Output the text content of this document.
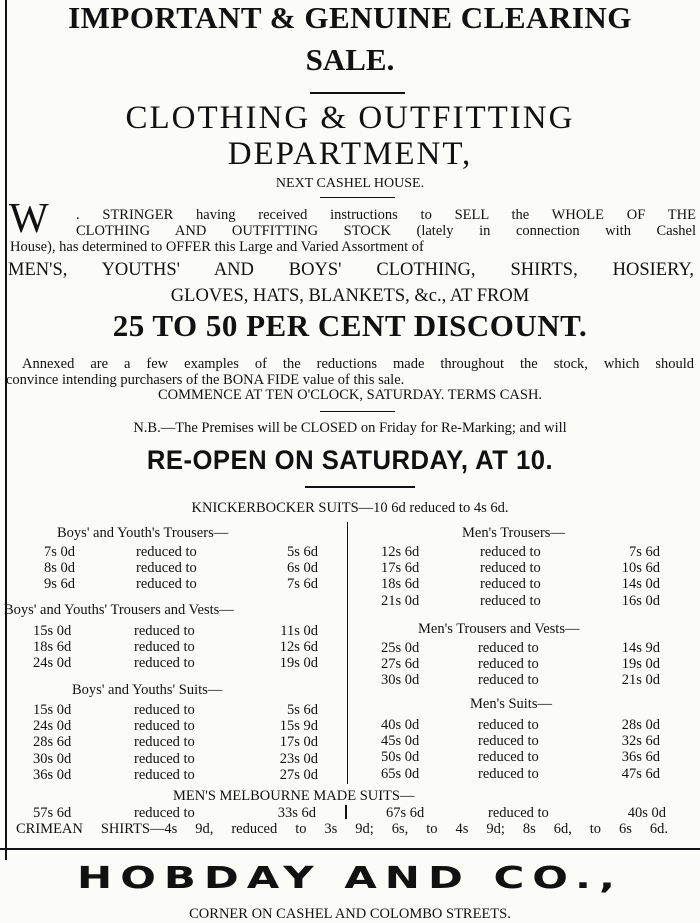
IMPORTANT & GENUINE CLEARING
SALE.
CLOTHING & OUTFITTING
DEPARTMENT,
NEXT CASHEL HOUSE.
W . STRINGER having received instructions to SELL the WHOLE OF THE
CLOTHING AND OUTFITTING STOCK (lately in connection with Cashel
House), has determined to OFFER this Large and Varied Assortment of
MEN'S, YOUTHS' AND BOYS' CLOTHING, SHIRTS, HOSIERY,
GLOVES, HATS, BLANKETS, &c., AT FROM
25 TO 50 PER CENT DISCOUNT.
Annexed are a few examples of the reductions made throughout the stock, which should
convince intending purchasers of the BONA FIDE value of this sale.
COMMENCE AT TEN O'CLOCK, SATURDAY. TERMS CASH.
N.B.—The Premises will be CLOSED on Friday for Re-Marking; and will
RE-OPEN ON SATURDAY, AT 10.
KNICKERBOCKER SUITS—10 6d reduced to 4s 6d.
Boys' and Youth's Trousers—
7s 0d	reduced to	5s 6d
8s 0d	reduced to	6s 0d
9s 6d	reduced to	7s 6d
Boys' and Youths' Trousers and Vests—
15s 0d	reduced to	11s 0d
18s 6d	reduced to	12s 6d
24s 0d	reduced to	19s 0d
Boys' and Youths' Suits—
15s 0d	reduced to	5s 6d
24s 0d	reduced to	15s 9d
28s 6d	reduced to	17s 0d
30s 0d	reduced to	23s 0d
36s 0d	reduced to	27s 0d
Men's Trousers—
12s 6d	reduced to	7s 6d
17s 6d	reduced to	10s 6d
18s 6d	reduced to	14s 0d
21s 0d	reduced to	16s 0d
Men's Trousers and Vests—
25s 0d	reduced to	14s 9d
27s 6d	reduced to	19s 0d
30s 0d	reduced to	21s 0d
Men's Suits—
40s 0d	reduced to	28s 0d
45s 0d	reduced to	32s 6d
50s 0d	reduced to	36s 6d
65s 0d	reduced to	47s 6d
MEN'S MELBOURNE MADE SUITS—
57s 6d	reduced to	33s 6d	67s 6d	reduced to	40s 0d
CRIMEAN SHIRTS—4s 9d, reduced to 3s 9d; 6s, to 4s 9d; 8s 6d, to 6s 6d.
CORNER ON CASHEL AND COLOMBO STREETS.
HOBDAY AND CO.,
